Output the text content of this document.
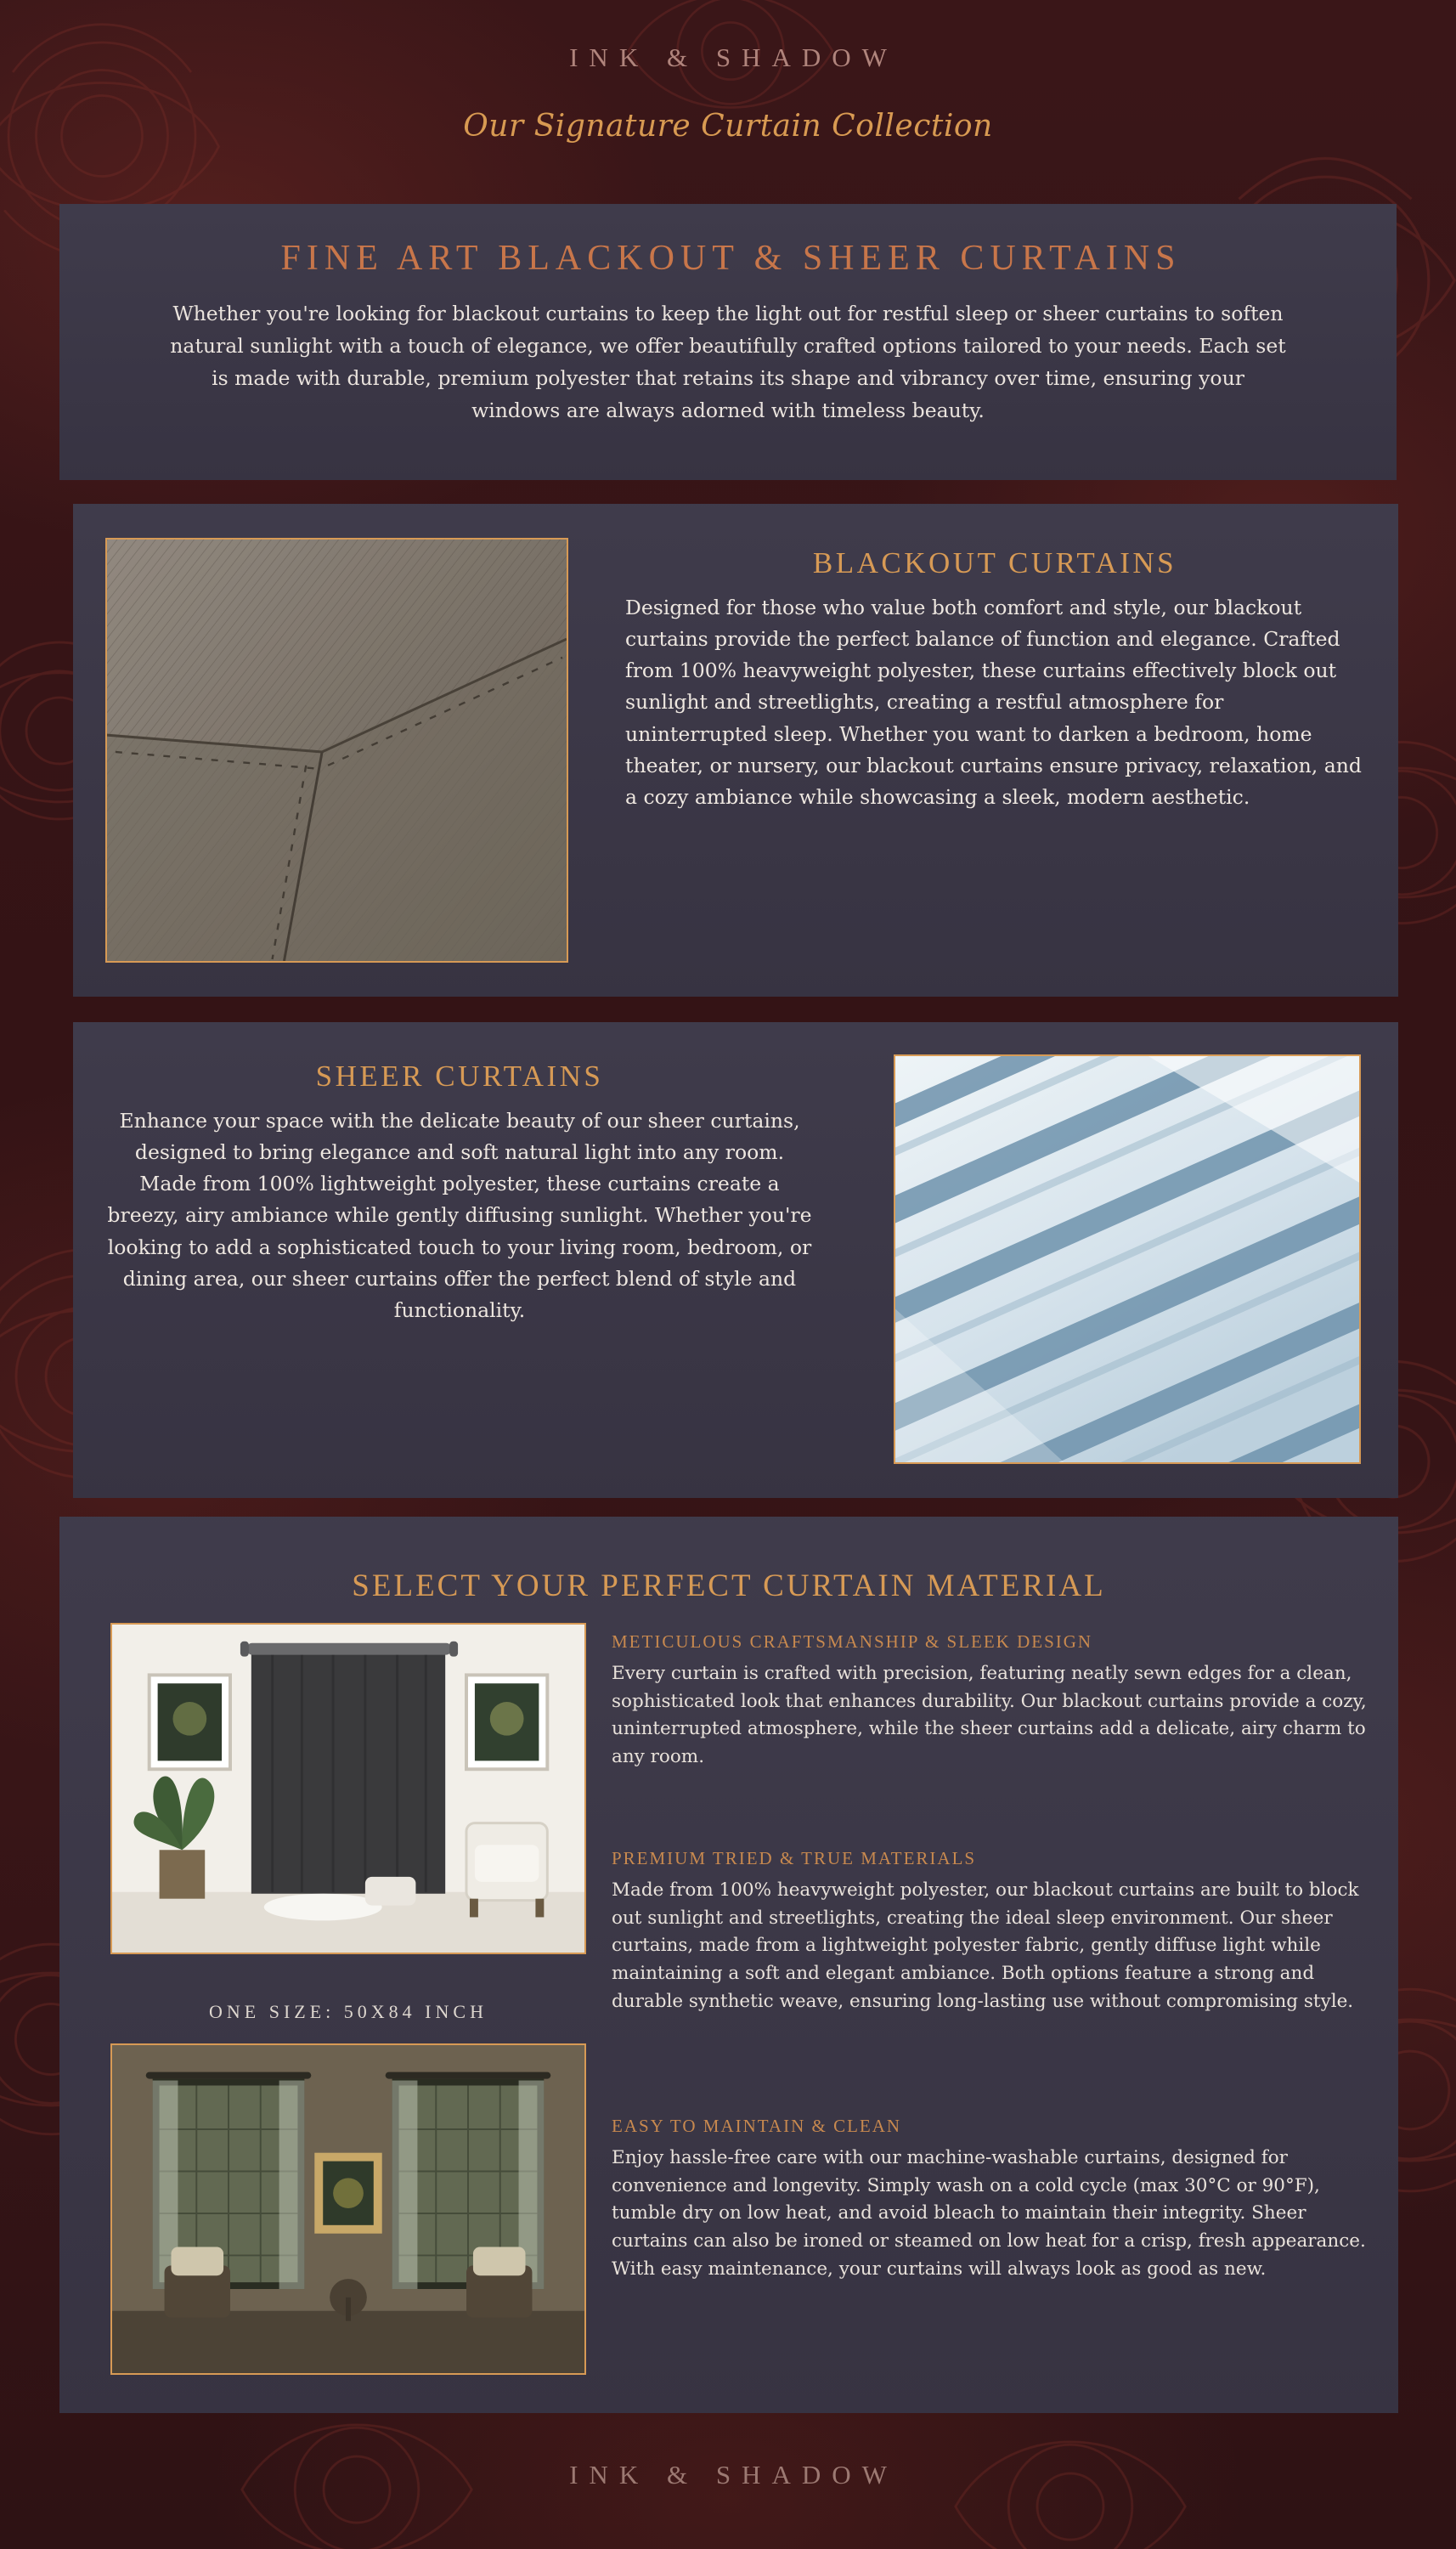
INK & SHADOW
Our Signature Curtain Collection
FINE ART BLACKOUT & SHEER CURTAINS
Whether you're looking for blackout curtains to keep the light out for restful sleep or sheer curtains to soften natural sunlight with a touch of elegance, we offer beautifully crafted options tailored to your needs. Each set is made with durable, premium polyester that retains its shape and vibrancy over time, ensuring your windows are always adorned with timeless beauty.
BLACKOUT CURTAINS
Designed for those who value both comfort and style, our blackout curtains provide the perfect balance of function and elegance. Crafted from 100% heavyweight polyester, these curtains effectively block out sunlight and streetlights, creating a restful atmosphere for uninterrupted sleep. Whether you want to darken a bedroom, home theater, or nursery, our blackout curtains ensure privacy, relaxation, and a cozy ambiance while showcasing a sleek, modern aesthetic.
SHEER CURTAINS
Enhance your space with the delicate beauty of our sheer curtains, designed to bring elegance and soft natural light into any room. Made from 100% lightweight polyester, these curtains create a breezy, airy ambiance while gently diffusing sunlight. Whether you're looking to add a sophisticated touch to your living room, bedroom, or dining area, our sheer curtains offer the perfect blend of style and functionality.
SELECT YOUR PERFECT CURTAIN MATERIAL
ONE SIZE: 50X84 INCH
METICULOUS CRAFTSMANSHIP & SLEEK DESIGN
Every curtain is crafted with precision, featuring neatly sewn edges for a clean, sophisticated look that enhances durability. Our blackout curtains provide a cozy, uninterrupted atmosphere, while the sheer curtains add a delicate, airy charm to any room.
PREMIUM TRIED & TRUE MATERIALS
Made from 100% heavyweight polyester, our blackout curtains are built to block out sunlight and streetlights, creating the ideal sleep environment. Our sheer curtains, made from a lightweight polyester fabric, gently diffuse light while maintaining a soft and elegant ambiance. Both options feature a strong and durable synthetic weave, ensuring long-lasting use without compromising style.
EASY TO MAINTAIN & CLEAN
Enjoy hassle-free care with our machine-washable curtains, designed for convenience and longevity. Simply wash on a cold cycle (max 30°C or 90°F), tumble dry on low heat, and avoid bleach to maintain their integrity. Sheer curtains can also be ironed or steamed on low heat for a crisp, fresh appearance. With easy maintenance, your curtains will always look as good as new.
INK & SHADOW
